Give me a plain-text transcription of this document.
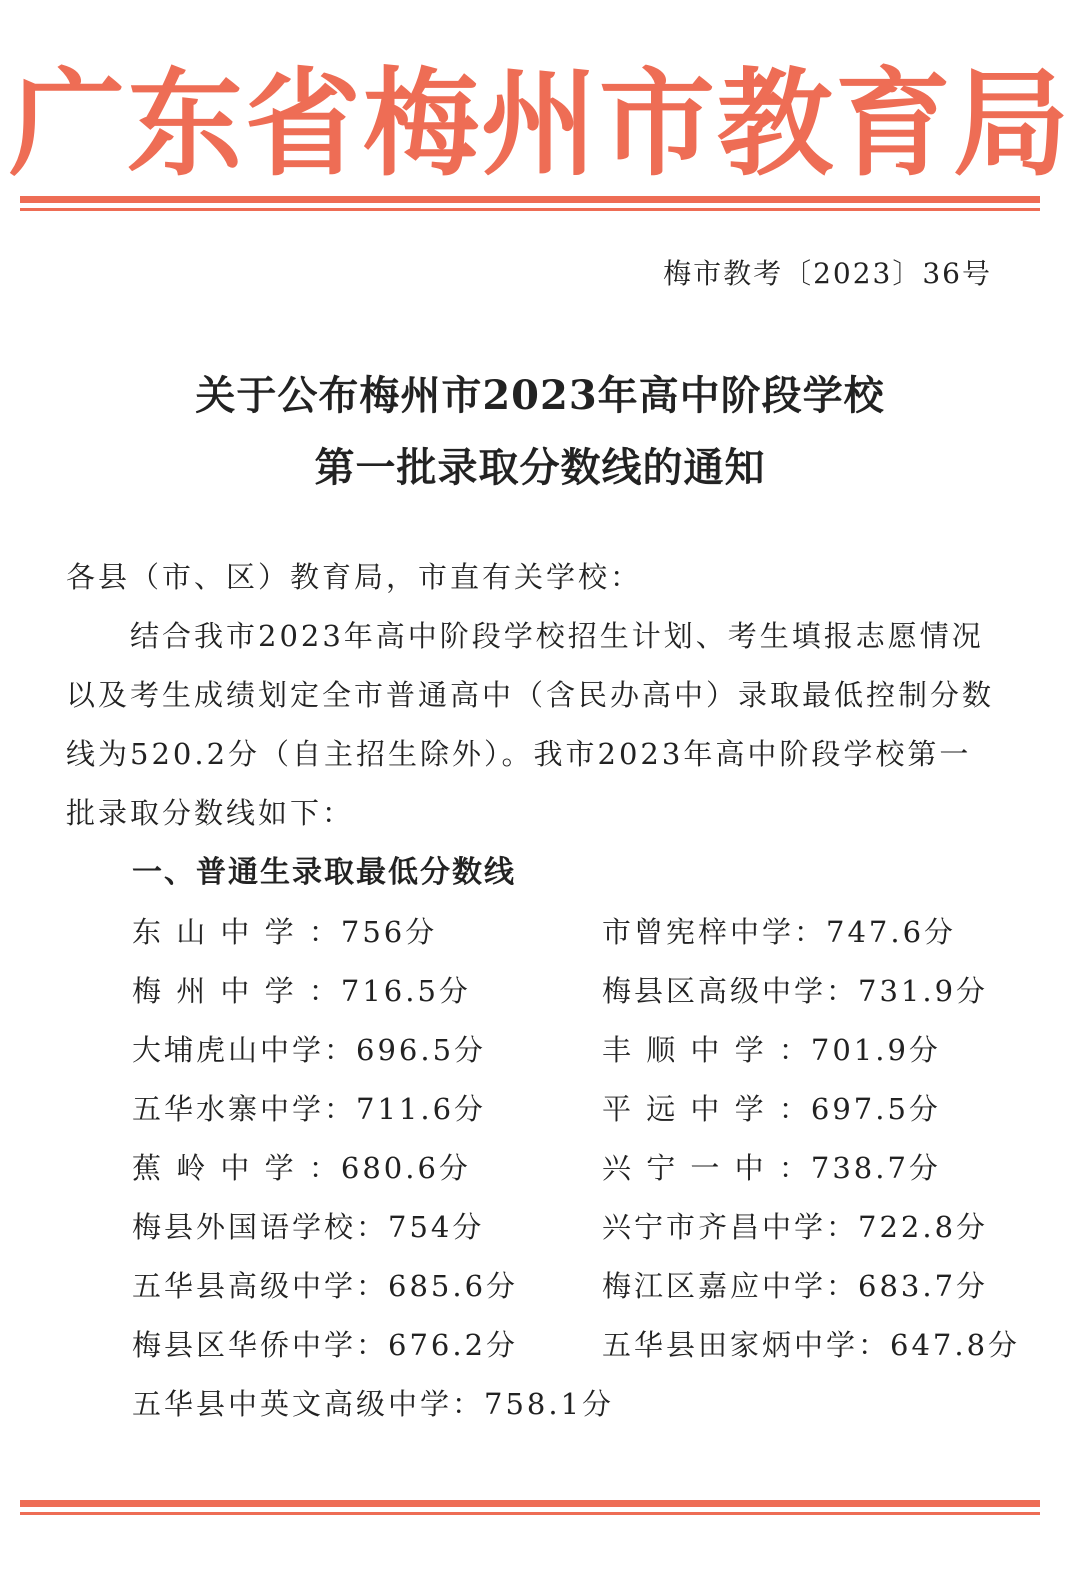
广东省梅州市教育局
梅市教考〔2023〕36号
关于公布梅州市2023年高中阶段学校
第一批录取分数线的通知
各县（市、区）教育局，市直有关学校：
结合我市2023年高中阶段学校招生计划、考生填报志愿情况以及考生成绩划定全市普通高中（含民办高中）录取最低控制分数线为520.2分（自主招生除外）。我市2023年高中阶段学校第一批录取分数线如下：
一、普通生录取最低分数线
东 山 中 学 ：756分	市曾宪梓中学：747.6分
梅 州 中 学 ：716.5分	梅县区高级中学：731.9分
大埔虎山中学：696.5分	丰 顺 中 学 ：701.9分
五华水寨中学：711.6分	平 远 中 学 ：697.5分
蕉 岭 中 学 ：680.6分	兴 宁 一 中 ：738.7分
梅县外国语学校：754分	兴宁市齐昌中学：722.8分
五华县高级中学：685.6分	梅江区嘉应中学：683.7分
梅县区华侨中学：676.2分	五华县田家炳中学：647.8分
五华县中英文高级中学：758.1分
